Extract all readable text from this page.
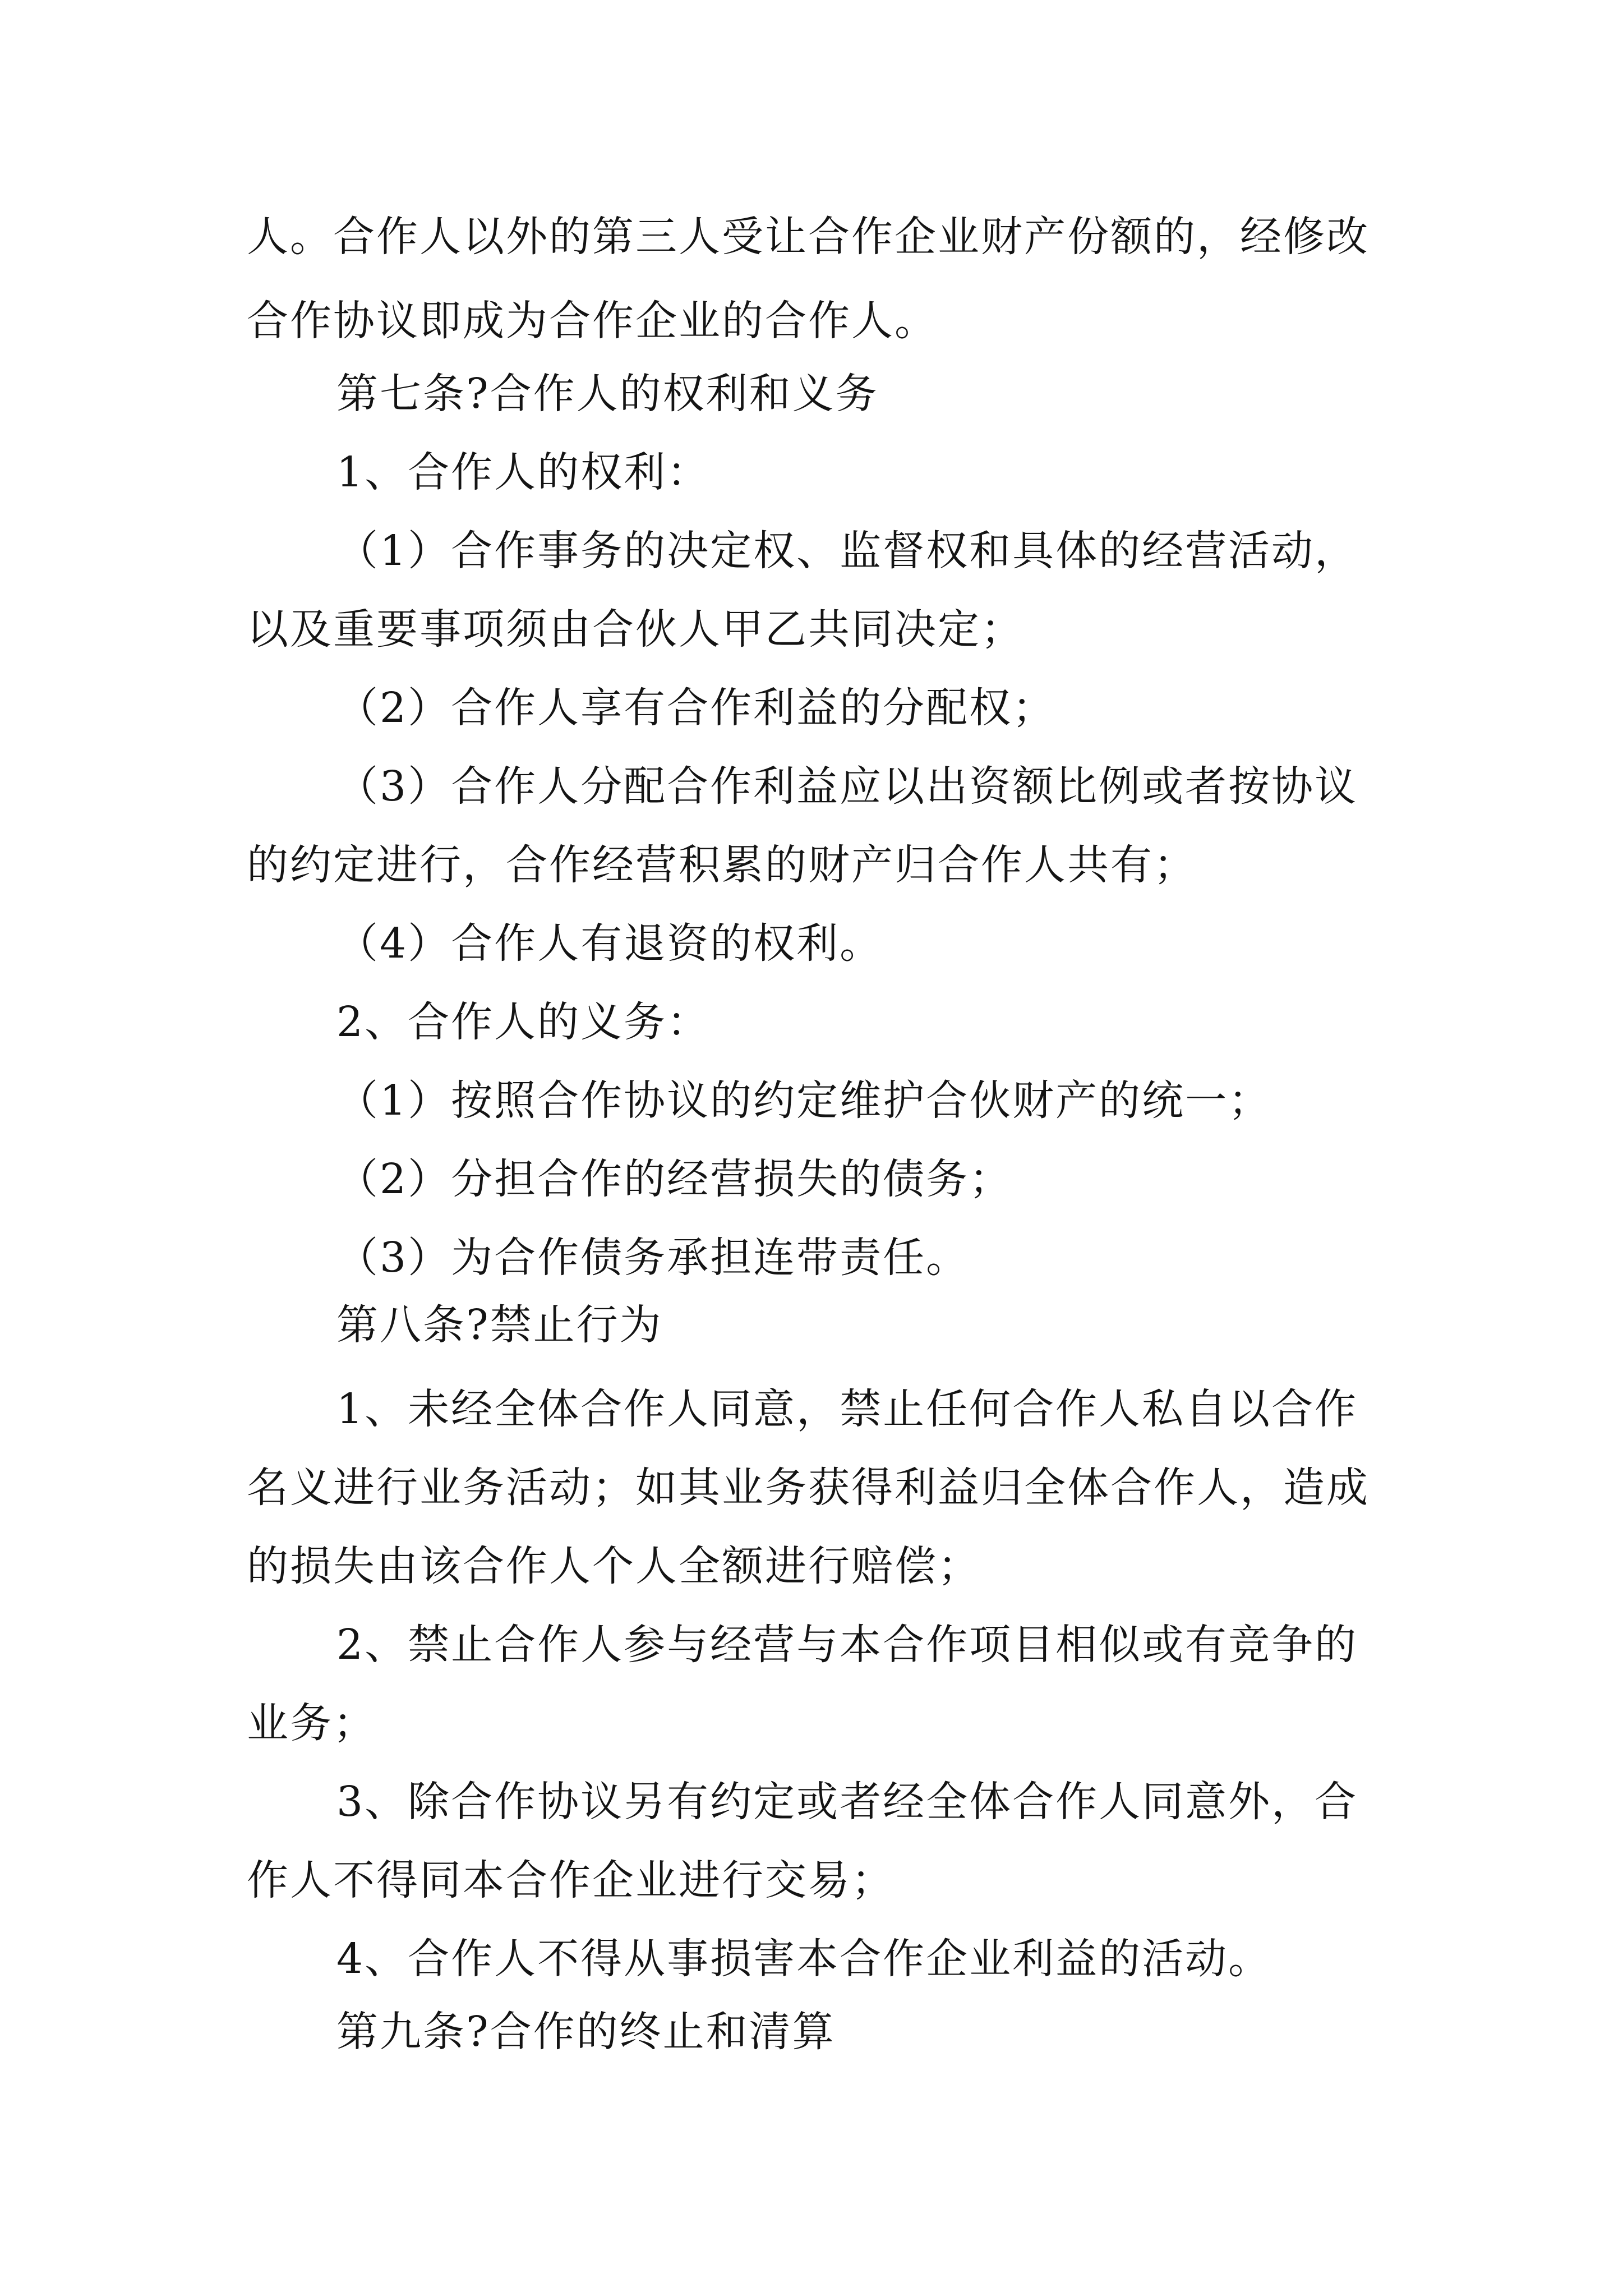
人。合作人以外的第三人受让合作企业财产份额的，经修改
合作协议即成为合作企业的合作人。
第七条?合作人的权利和义务
1、合作人的权利：
（1）合作事务的决定权、监督权和具体的经营活动，
以及重要事项须由合伙人甲乙共同决定；
（2）合作人享有合作利益的分配权；
（3）合作人分配合作利益应以出资额比例或者按协议
的约定进行，合作经营积累的财产归合作人共有；
（4）合作人有退资的权利。
2、合作人的义务：
（1）按照合作协议的约定维护合伙财产的统一；
（2）分担合作的经营损失的债务；
（3）为合作债务承担连带责任。
第八条?禁止行为
1、未经全体合作人同意，禁止任何合作人私自以合作
名义进行业务活动；如其业务获得利益归全体合作人，造成
的损失由该合作人个人全额进行赔偿；
2、禁止合作人参与经营与本合作项目相似或有竞争的
业务；
3、除合作协议另有约定或者经全体合作人同意外，合
作人不得同本合作企业进行交易；
4、合作人不得从事损害本合作企业利益的活动。
第九条?合作的终止和清算
